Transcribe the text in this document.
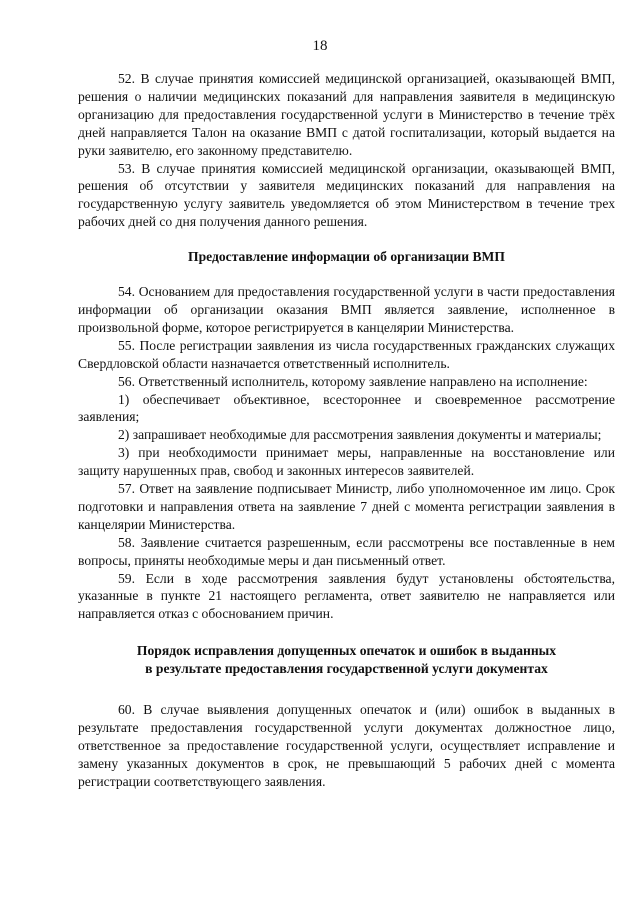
18

52. В случае принятия комиссией медицинской организацией, оказывающей ВМП, решения о наличии медицинских показаний для направления заявителя в медицинскую организацию для предоставления государственной услуги в Министерство в течение трёх дней направляется Талон на оказание ВМП с датой госпитализации, который выдается на руки заявителю, его законному представителю.

53. В случае принятия комиссией медицинской организации, оказывающей ВМП, решения об отсутствии у заявителя медицинских показаний для направления на государственную услугу заявитель уведомляется об этом Министерством в течение трех рабочих дней со дня получения данного решения.

Предоставление информации об организации ВМП

54. Основанием для предоставления государственной услуги в части предоставления информации об организации оказания ВМП является заявление, исполненное в произвольной форме, которое регистрируется в канцелярии Министерства.

55. После регистрации заявления из числа государственных гражданских служащих Свердловской области назначается ответственный исполнитель.

56. Ответственный исполнитель, которому заявление направлено на исполнение:

1) обеспечивает объективное, всестороннее и своевременное рассмотрение заявления;

2) запрашивает необходимые для рассмотрения заявления документы и материалы;

3) при необходимости принимает меры, направленные на восстановление или защиту нарушенных прав, свобод и законных интересов заявителей.

57. Ответ на заявление подписывает Министр, либо уполномоченное им лицо. Срок подготовки и направления ответа на заявление 7 дней с момента регистрации заявления в канцелярии Министерства.

58. Заявление считается разрешенным, если рассмотрены все поставленные в нем вопросы, приняты необходимые меры и дан письменный ответ.

59. Если в ходе рассмотрения заявления будут установлены обстоятельства, указанные в пункте 21 настоящего регламента, ответ заявителю не направляется или направляется отказ с обоснованием причин.

Порядок исправления допущенных опечаток и ошибок в выданных
в результате предоставления государственной услуги документах

60. В случае выявления допущенных опечаток и (или) ошибок в выданных в результате предоставления государственной услуги документах должностное лицо, ответственное за предоставление государственной услуги, осуществляет исправление и замену указанных документов в срок, не превышающий 5 рабочих дней с момента регистрации соответствующего заявления.
